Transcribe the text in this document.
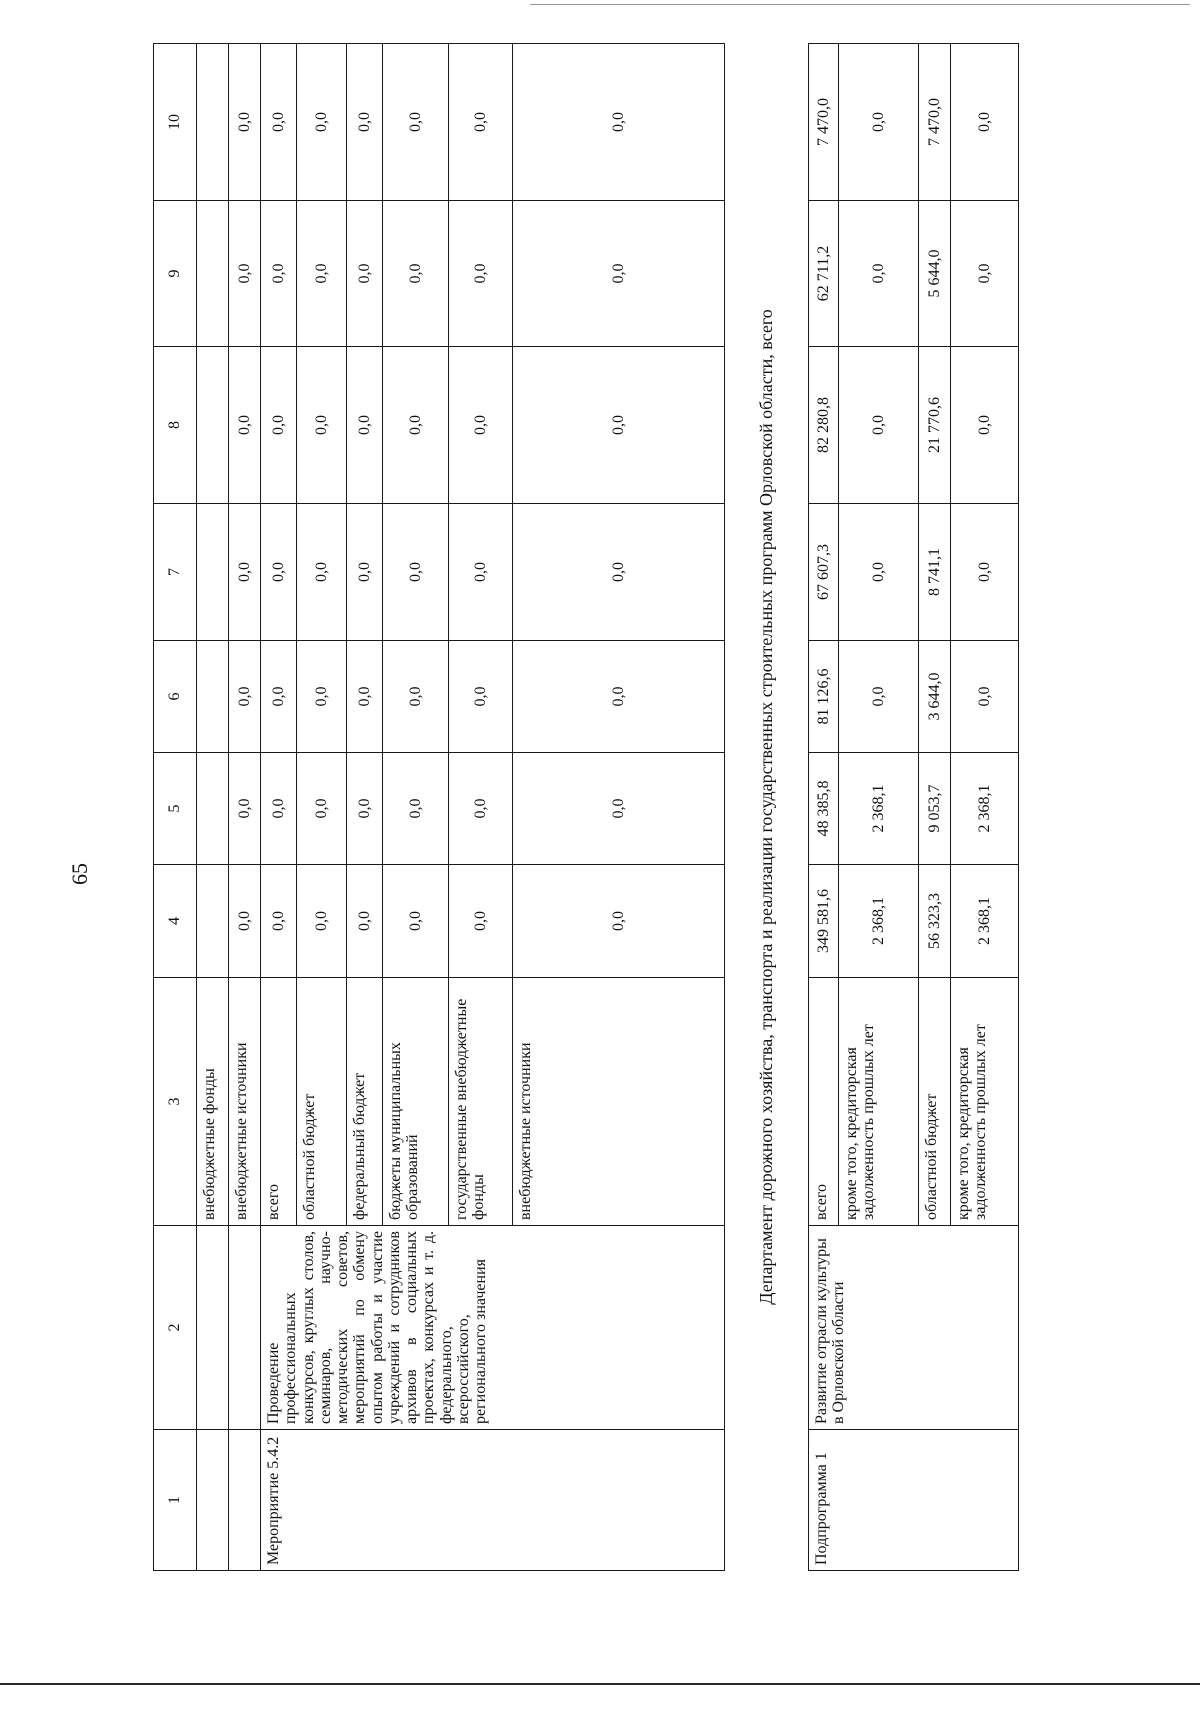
65
1	2	3	4	5	6	7	8	9	10
		внебюджетные фонды							
		внебюджетные источники	0,0	0,0	0,0	0,0	0,0	0,0	0,0
Мероприятие 5.4.2	Проведение профессиональных конкурсов, круглых столов, семинаров, научно-методических советов, мероприятий по обмену опытом работы и участие учреждений и сотрудников архивов в социальных проектах, конкурсах и т. д. федерального, всероссийского, регионального значения	всего	0,0	0,0	0,0	0,0	0,0	0,0	0,0
		областной бюджет	0,0	0,0	0,0	0,0	0,0	0,0	0,0
		федеральный бюджет	0,0	0,0	0,0	0,0	0,0	0,0	0,0
		бюджеты муниципальных образований	0,0	0,0	0,0	0,0	0,0	0,0	0,0
		государственные внебюджетные фонды	0,0	0,0	0,0	0,0	0,0	0,0	0,0
		внебюджетные источники	0,0	0,0	0,0	0,0	0,0	0,0	0,0
Департамент дорожного хозяйства, транспорта и реализации государственных строительных программ Орловской области, всего									
Подпрограмма 1	Развитие отрасли культуры в Орловской области	всего	349 581,6	48 385,8	81 126,6	67 607,3	82 280,8	62 711,2	7 470,0
		кроме того, кредиторская задолженность прошлых лет	2 368,1	2 368,1	0,0	0,0	0,0	0,0	0,0
		областной бюджет	56 323,3	9 053,7	3 644,0	8 741,1	21 770,6	5 644,0	7 470,0
		кроме того, кредиторская задолженность прошлых лет	2 368,1	2 368,1	0,0	0,0	0,0	0,0	0,0
